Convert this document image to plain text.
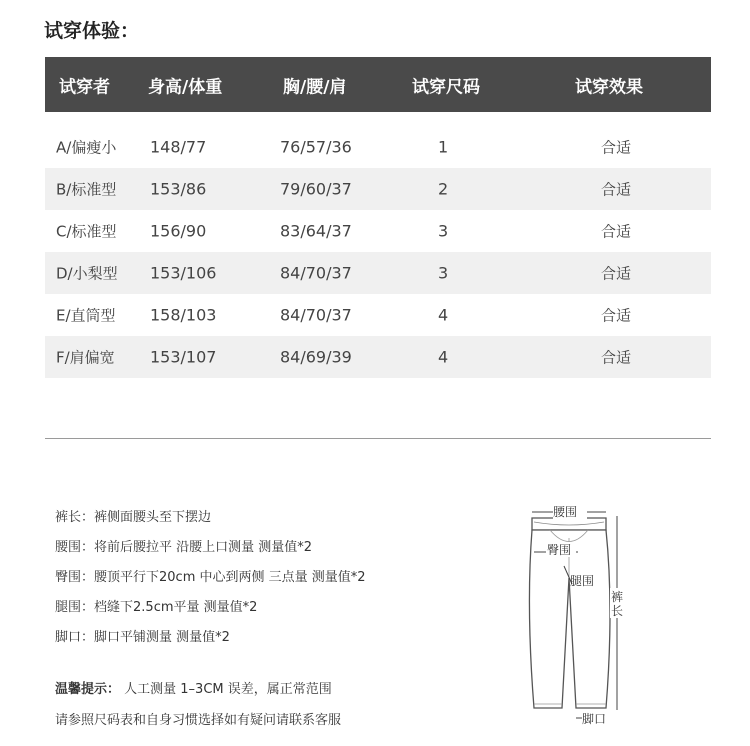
试穿体验：
试穿者 身高/体重	胸/腰/肩	试穿尺码	试穿效果
A/偏瘦小 148/77	76/57/36	1	合适
B/标准型 153/86	79/60/37	2	合适
C/标准型 156/90	83/64/37	3	合适
D/小梨型 153/106	84/70/37	3	合适
E/直筒型 158/103	84/70/37	4	合适
F/肩偏宽 153/107	84/69/39	4	合适
裤长：裤侧面腰头至下摆边
腰围：将前后腰拉平 沿腰上口测量 测量值*2
臀围：腰顶平行下20cm 中心到两侧 三点量 测量值*2
腿围：档缝下2.5cm平量 测量值*2
脚口：脚口平铺测量 测量值*2
温馨提示： 人工测量 1–3CM 误差，属正常范围
请参照尺码表和自身习惯选择如有疑问请联系客服
腰围
臀围
腿围
裤
长
脚口
